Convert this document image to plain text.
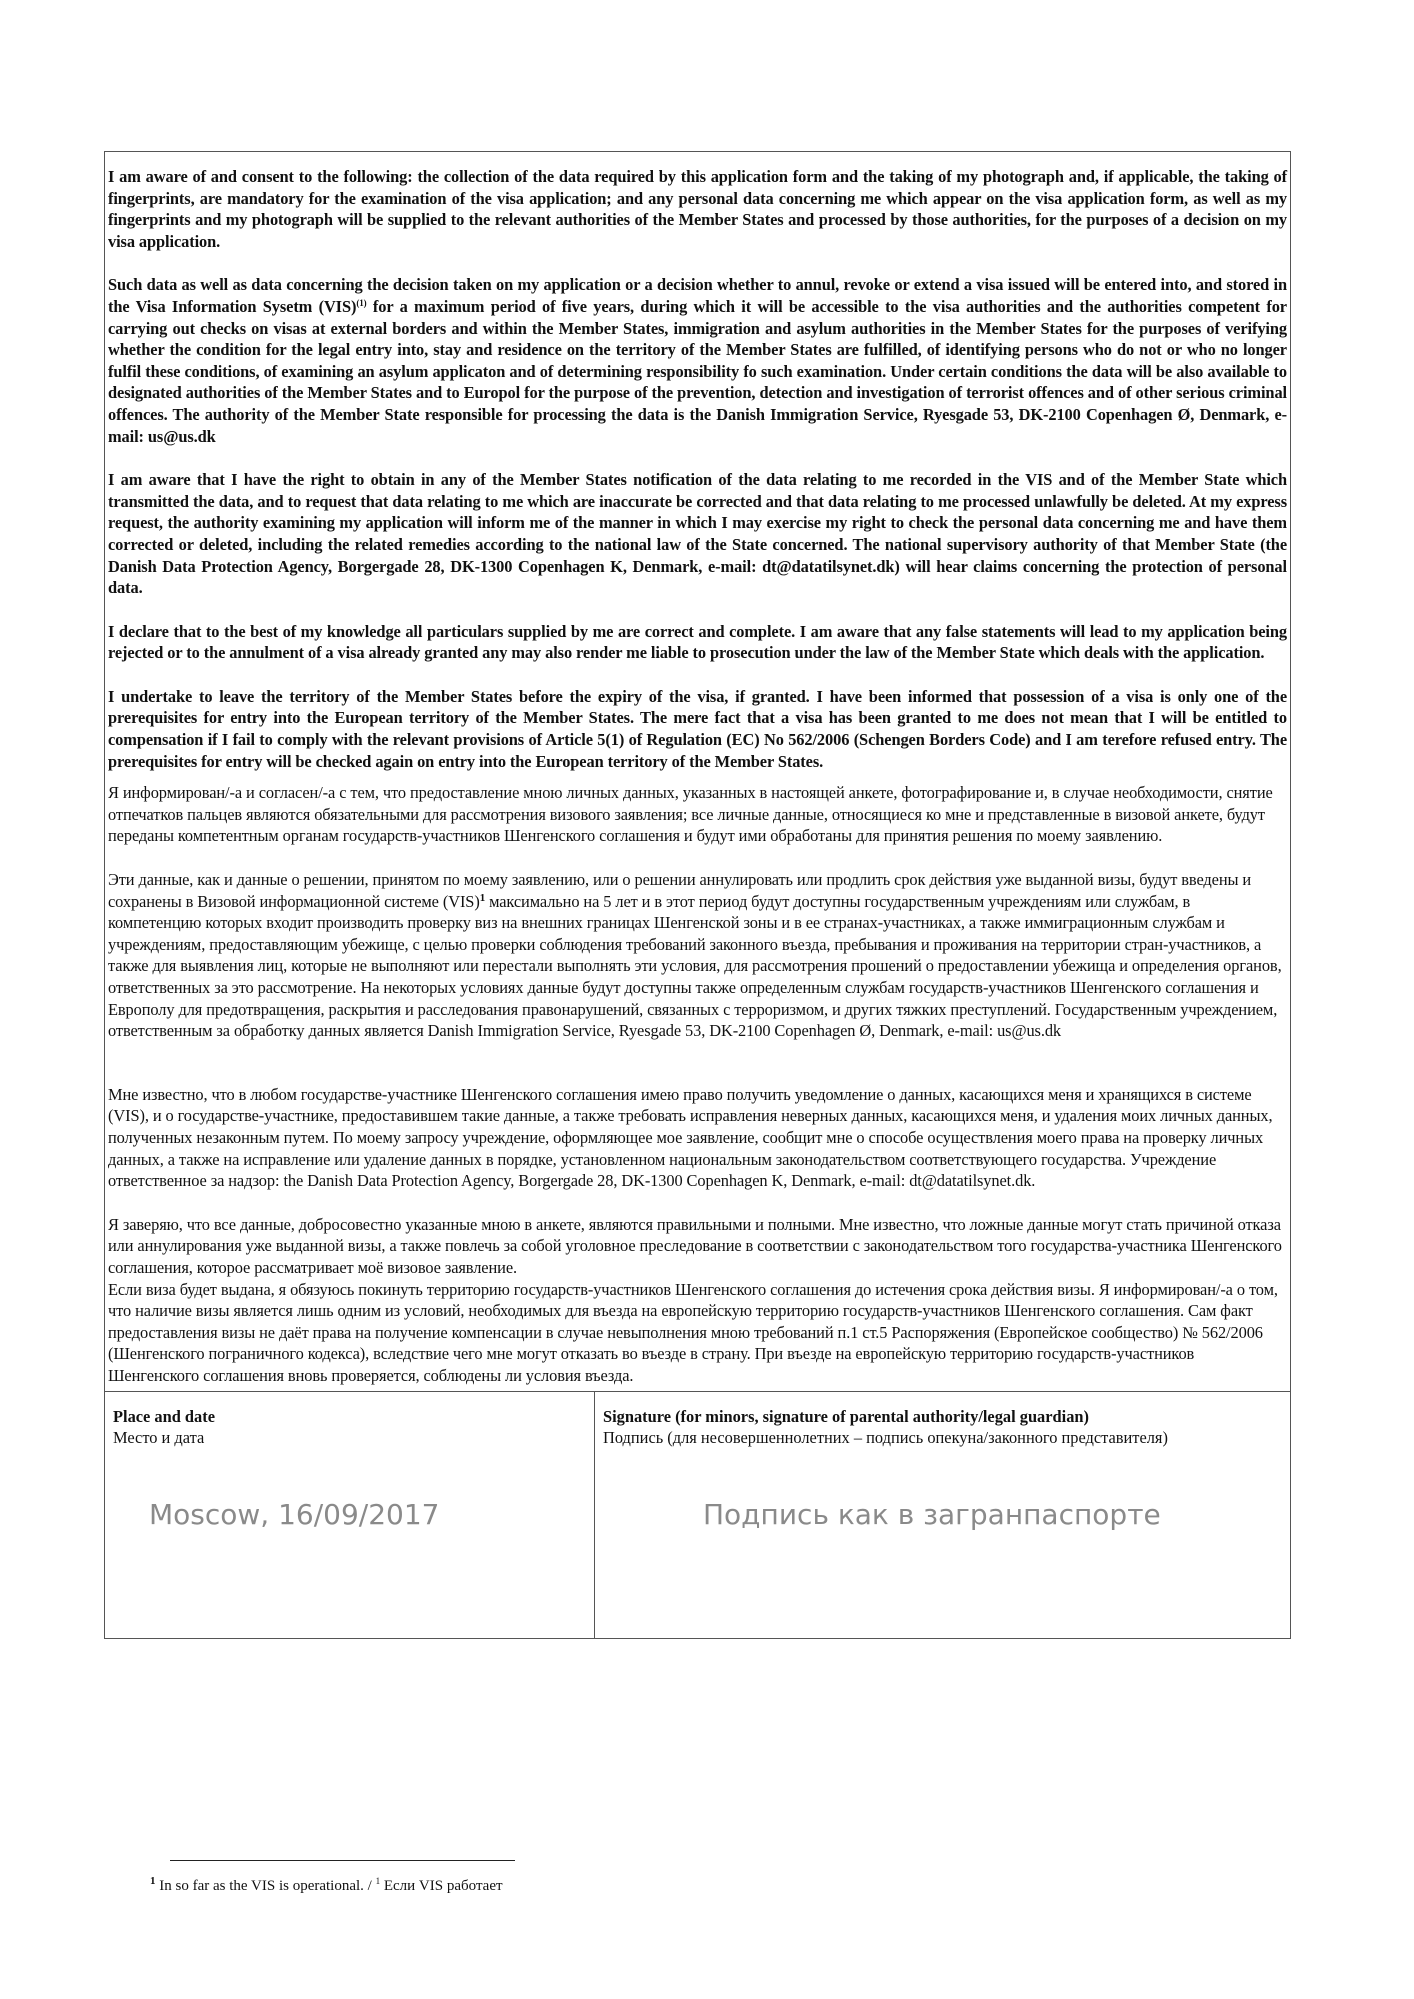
I am aware of and consent to the following: the collection of the data required by this application form and the taking of my photograph and, if applicable, the taking of fingerprints, are mandatory for the examination of the visa application; and any personal data concerning me which appear on the visa application form, as well as my fingerprints and my photograph will be supplied to the relevant authorities of the Member States and processed by those authorities, for the purposes of a decision on my visa application.

Such data as well as data concerning the decision taken on my application or a decision whether to annul, revoke or extend a visa issued will be entered into, and stored in the Visa Information Sysetm (VIS)$^{(1)}$ for a maximum period of five years, during which it will be accessible to the visa authorities and the authorities competent for carrying out checks on visas at external borders and within the Member States, immigration and asylum authorities in the Member States for the purposes of verifying whether the condition for the legal entry into, stay and residence on the territory of the Member States are fulfilled, of identifying persons who do not or who no longer fulfil these conditions, of examining an asylum applicaton and of determining responsibility fo such examination. Under certain conditions the data will be also available to designated authorities of the Member States and to Europol for the purpose of the prevention, detection and investigation of terrorist offences and of other serious criminal offences. The authority of the Member State responsible for processing the data is the Danish Immigration Service, Ryesgade 53, DK-2100 Copenhagen Ø, Denmark, e-mail: us@us.dk

I am aware that I have the right to obtain in any of the Member States notification of the data relating to me recorded in the VIS and of the Member State which transmitted the data, and to request that data relating to me which are inaccurate be corrected and that data relating to me processed unlawfully be deleted. At my express request, the authority examining my application will inform me of the manner in which I may exercise my right to check the personal data concerning me and have them corrected or deleted, including the related remedies according to the national law of the State concerned. The national supervisory authority of that Member State (the Danish Data Protection Agency, Borgergade 28, DK-1300 Copenhagen K, Denmark, e-mail: dt@datatilsynet.dk) will hear claims concerning the protection of personal data.

I declare that to the best of my knowledge all particulars supplied by me are correct and complete. I am aware that any false statements will lead to my application being rejected or to the annulment of a visa already granted any may also render me liable to prosecution under the law of the Member State which deals with the application.

I undertake to leave the territory of the Member States before the expiry of the visa, if granted. I have been informed that possession of a visa is only one of the prerequisites for entry into the European territory of the Member States. The mere fact that a visa has been granted to me does not mean that I will be entitled to compensation if I fail to comply with the relevant provisions of Article 5(1) of Regulation (EC) No 562/2006 (Schengen Borders Code) and I am terefore refused entry. The prerequisites for entry will be checked again on entry into the European territory of the Member States.

Я информирован/-а и согласен/-а с тем, что предоставление мною личных данных, указанных в настоящей анкете, фотографирование и, в случае необходимости, снятие отпечатков пальцев являются обязательными для рассмотрения визового заявления; все личные данные, относящиеся ко мне и представленные в визовой анкете, будут переданы компетентным органам государств-участников Шенгенского соглашения и будут ими обработаны для принятия решения по моему заявлению.

Эти данные, как и данные о решении, принятом по моему заявлению, или о решении аннулировать или продлить срок действия уже выданной визы, будут введены и сохранены в Визовой информационной системе (VIS)$^1$ максимально на 5 лет и в этот период будут доступны государственным учреждениям или службам, в компетенцию которых входит производить проверку виз на внешних границах Шенгенской зоны и в ее странах-участниках, а также иммиграционным службам и учреждениям, предоставляющим убежище, с целью проверки соблюдения требований законного въезда, пребывания и проживания на территории стран-участников, а также для выявления лиц, которые не выполняют или перестали выполнять эти условия, для рассмотрения прошений о предоставлении убежища и определения органов, ответственных за это рассмотрение. На некоторых условиях данные будут доступны также определенным службам государств-участников Шенгенского соглашения и Европолу для предотвращения, раскрытия и расследования правонарушений, связанных с терроризмом, и других тяжких преступлений. Государственным учреждением, ответственным за обработку данных является Danish Immigration Service, Ryesgade 53, DK-2100 Copenhagen Ø, Denmark, e-mail: us@us.dk

Мне известно, что в любом государстве-участнике Шенгенского соглашения имею право получить уведомление о данных, касающихся меня и хранящихся в системе (VIS), и о государстве-участнике, предоставившем такие данные, а также требовать исправления неверных данных, касающихся меня, и удаления моих личных данных, полученных незаконным путем. По моему запросу учреждение, оформляющее мое заявление, сообщит мне о способе осуществления моего права на проверку личных данных, а также на исправление или удаление данных в порядке, установленном национальным законодательством соответствующего государства. Учреждение ответственное за надзор: the Danish Data Protection Agency, Borgergade 28, DK-1300 Copenhagen K, Denmark, e-mail: dt@datatilsynet.dk.

Я заверяю, что все данные, добросовестно указанные мною в анкете, являются правильными и полными. Мне известно, что ложные данные могут стать причиной отказа или аннулирования уже выданной визы, а также повлечь за собой уголовное преследование в соответствии с законодательством того государства-участника Шенгенского соглашения, которое рассматривает моё визовое заявление.

Если виза будет выдана, я обязуюсь покинуть территорию государств-участников Шенгенского соглашения до истечения срока действия визы. Я информирован/-а о том, что наличие визы является лишь одним из условий, необходимых для въезда на европейскую территорию государств-участников Шенгенского соглашения. Сам факт предоставления визы не даёт права на получение компенсации в случае невыполнения мною требований п.1 ст.5 Распоряжения (Европейское сообщество) № 562/2006 (Шенгенского пограничного кодекса), вследствие чего мне могут отказать во въезде в страну. При въезде на европейскую территорию государств-участников Шенгенского соглашения вновь проверяется, соблюдены ли условия въезда.

Place and date
Место и дата
Moscow, 16/09/2017
Signature (for minors, signature of parental authority/legal guardian)
Подпись (для несовершеннолетних – подпись опекуна/законного представителя)
Подпись как в загранпаспорте
$^1$ In so far as the VIS is operational. / $^1$ Если VIS работает
